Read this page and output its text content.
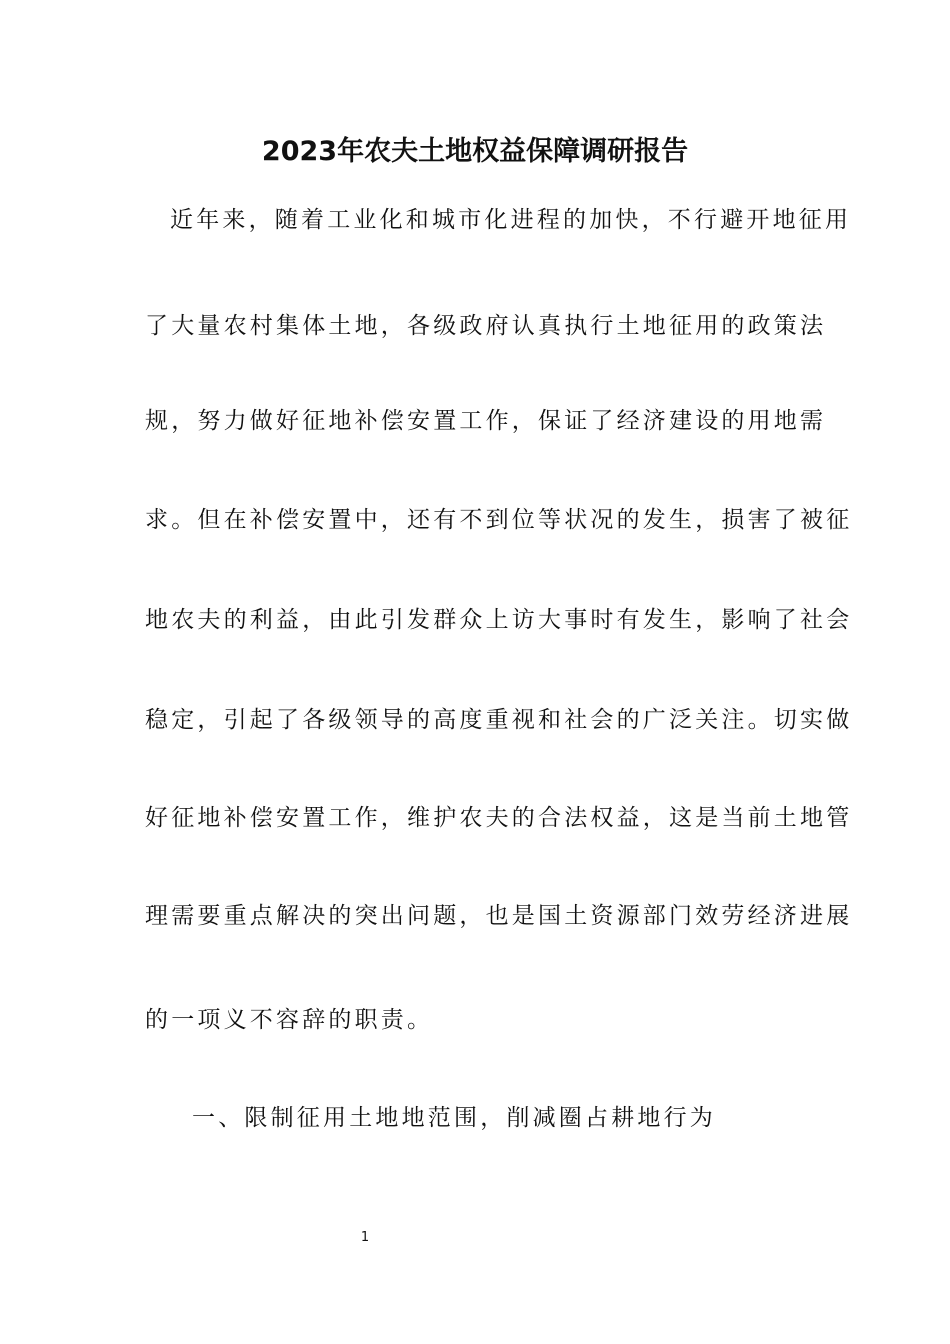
2023年农夫土地权益保障调研报告
近年来，随着工业化和城市化进程的加快，不行避开地征用
了大量农村集体土地，各级政府认真执行土地征用的政策法
规，努力做好征地补偿安置工作，保证了经济建设的用地需
求。但在补偿安置中，还有不到位等状况的发生，损害了被征
地农夫的利益，由此引发群众上访大事时有发生，影响了社会
稳定，引起了各级领导的高度重视和社会的广泛关注。切实做
好征地补偿安置工作，维护农夫的合法权益，这是当前土地管
理需要重点解决的突出问题，也是国土资源部门效劳经济进展
的一项义不容辞的职责。
一、限制征用土地地范围，削减圈占耕地行为
1
